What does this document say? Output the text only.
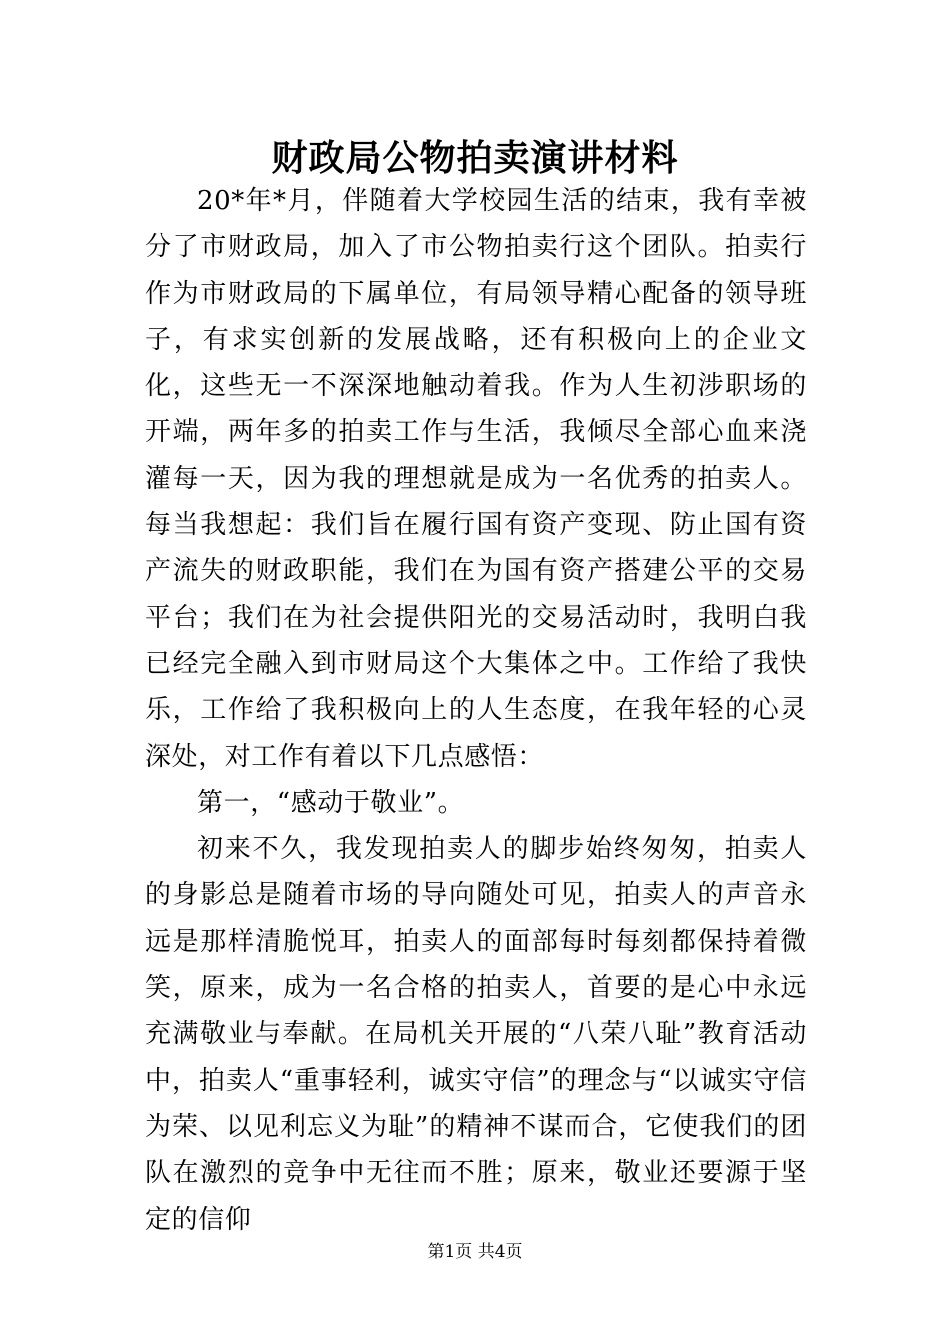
财政局公物拍卖演讲材料

20*年*月，伴随着大学校园生活的结束，我有幸被分了市财政局，加入了市公物拍卖行这个团队。拍卖行作为市财政局的下属单位，有局领导精心配备的领导班子，有求实创新的发展战略，还有积极向上的企业文化，这些无一不深深地触动着我。作为人生初涉职场的开端，两年多的拍卖工作与生活，我倾尽全部心血来浇灌每一天，因为我的理想就是成为一名优秀的拍卖人。每当我想起：我们旨在履行国有资产变现、防止国有资产流失的财政职能，我们在为国有资产搭建公平的交易平台；我们在为社会提供阳光的交易活动时，我明白我已经完全融入到市财局这个大集体之中。工作给了我快乐，工作给了我积极向上的人生态度，在我年轻的心灵深处，对工作有着以下几点感悟：

第一，“感动于敬业”。

初来不久，我发现拍卖人的脚步始终匆匆，拍卖人的身影总是随着市场的导向随处可见，拍卖人的声音永远是那样清脆悦耳，拍卖人的面部每时每刻都保持着微笑，原来，成为一名合格的拍卖人，首要的是心中永远充满敬业与奉献。在局机关开展的“八荣八耻”教育活动中，拍卖人“重事轻利，诚实守信”的理念与“以诚实守信为荣、以见利忘义为耻”的精神不谋而合，它使我们的团队在激烈的竞争中无往而不胜；原来，敬业还要源于坚定的信仰

第1页 共4页
